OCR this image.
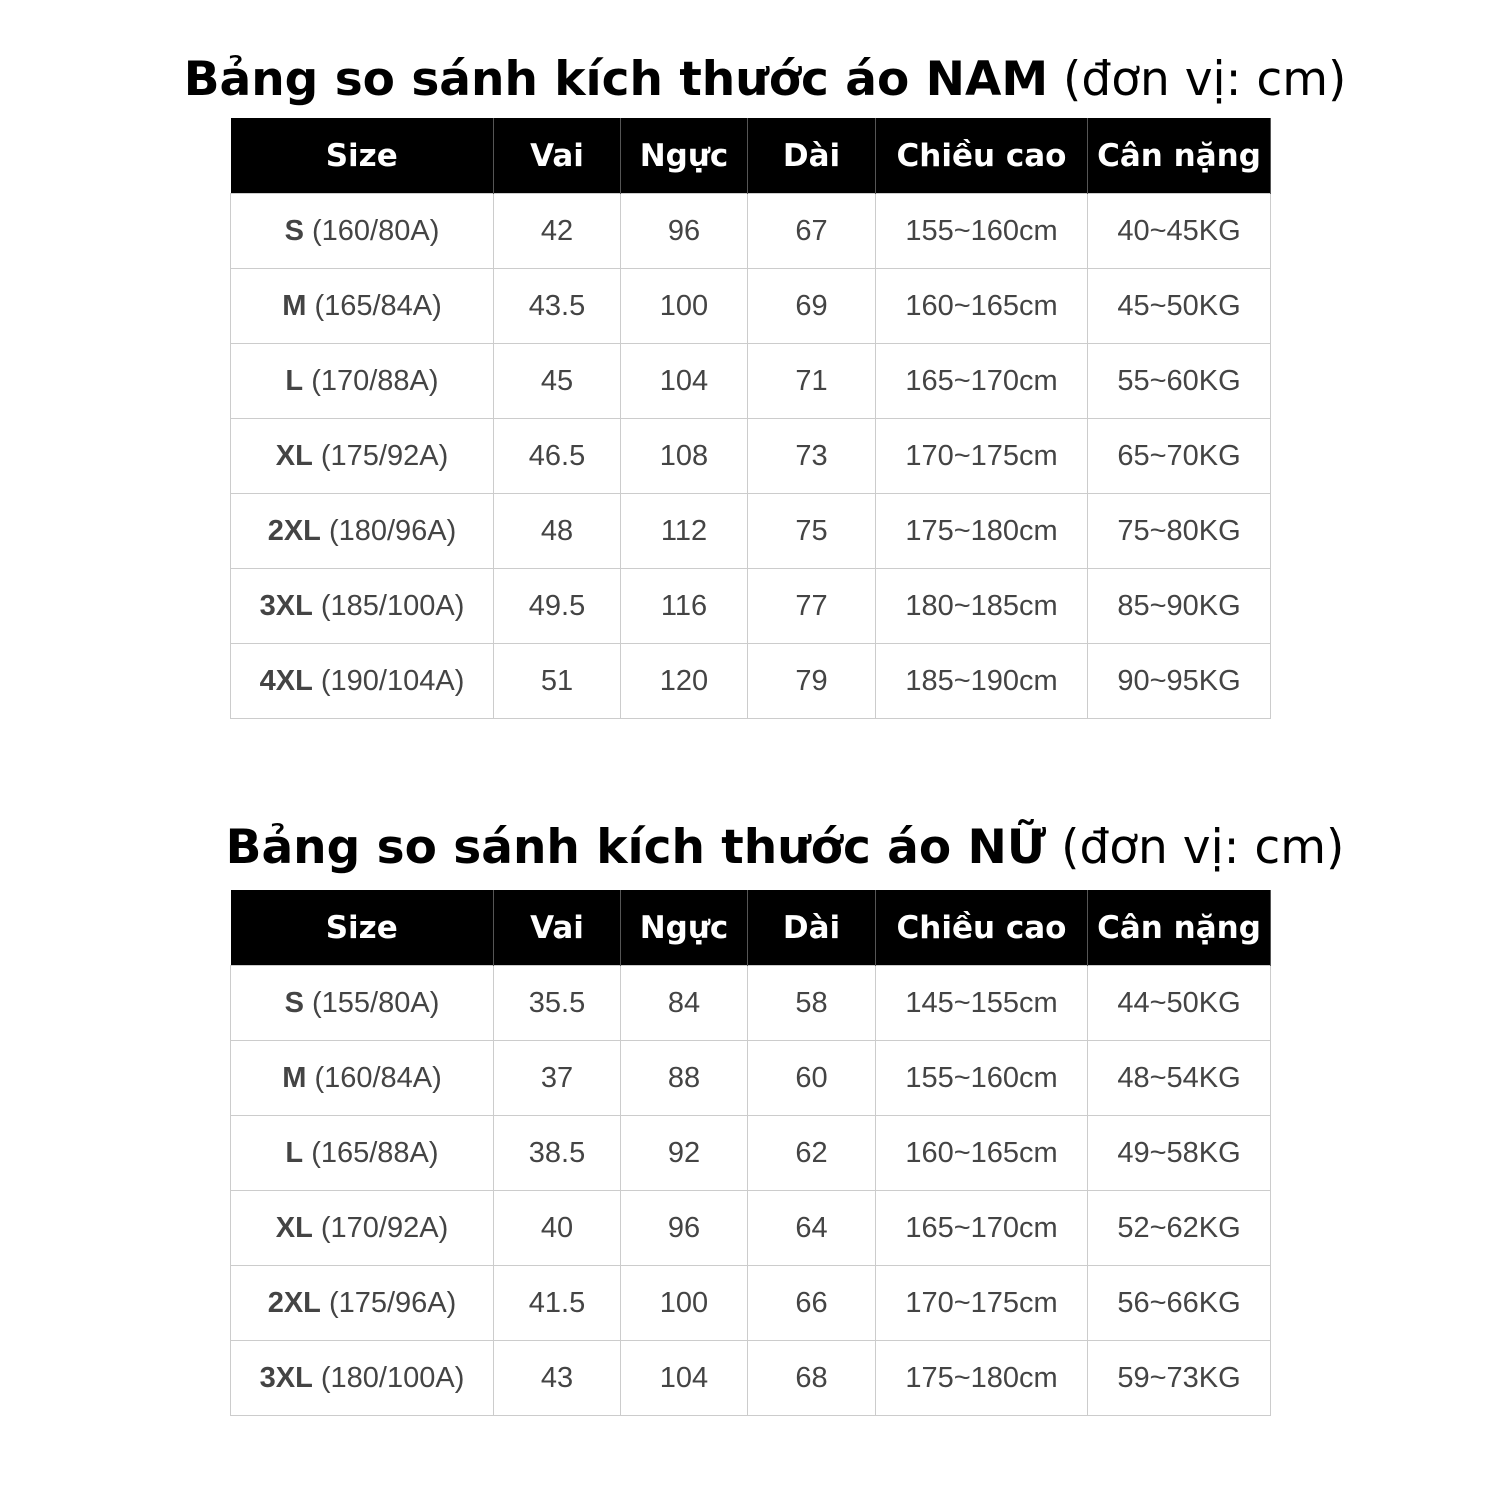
Bảng so sánh kích thước áo NAM (đơn vị: cm)
Size	Vai	Ngực	Dài	Chiều cao	Cân nặng
S (160/80A)	42	96	67	155~160cm	40~45KG
M (165/84A)	43.5	100	69	160~165cm	45~50KG
L (170/88A)	45	104	71	165~170cm	55~60KG
XL (175/92A)	46.5	108	73	170~175cm	65~70KG
2XL (180/96A)	48	112	75	175~180cm	75~80KG
3XL (185/100A)	49.5	116	77	180~185cm	85~90KG
4XL (190/104A)	51	120	79	185~190cm	90~95KG
Bảng so sánh kích thước áo NỮ (đơn vị: cm)
Size	Vai	Ngực	Dài	Chiều cao	Cân nặng
S (155/80A)	35.5	84	58	145~155cm	44~50KG
M (160/84A)	37	88	60	155~160cm	48~54KG
L (165/88A)	38.5	92	62	160~165cm	49~58KG
XL (170/92A)	40	96	64	165~170cm	52~62KG
2XL (175/96A)	41.5	100	66	170~175cm	56~66KG
3XL (180/100A)	43	104	68	175~180cm	59~73KG
